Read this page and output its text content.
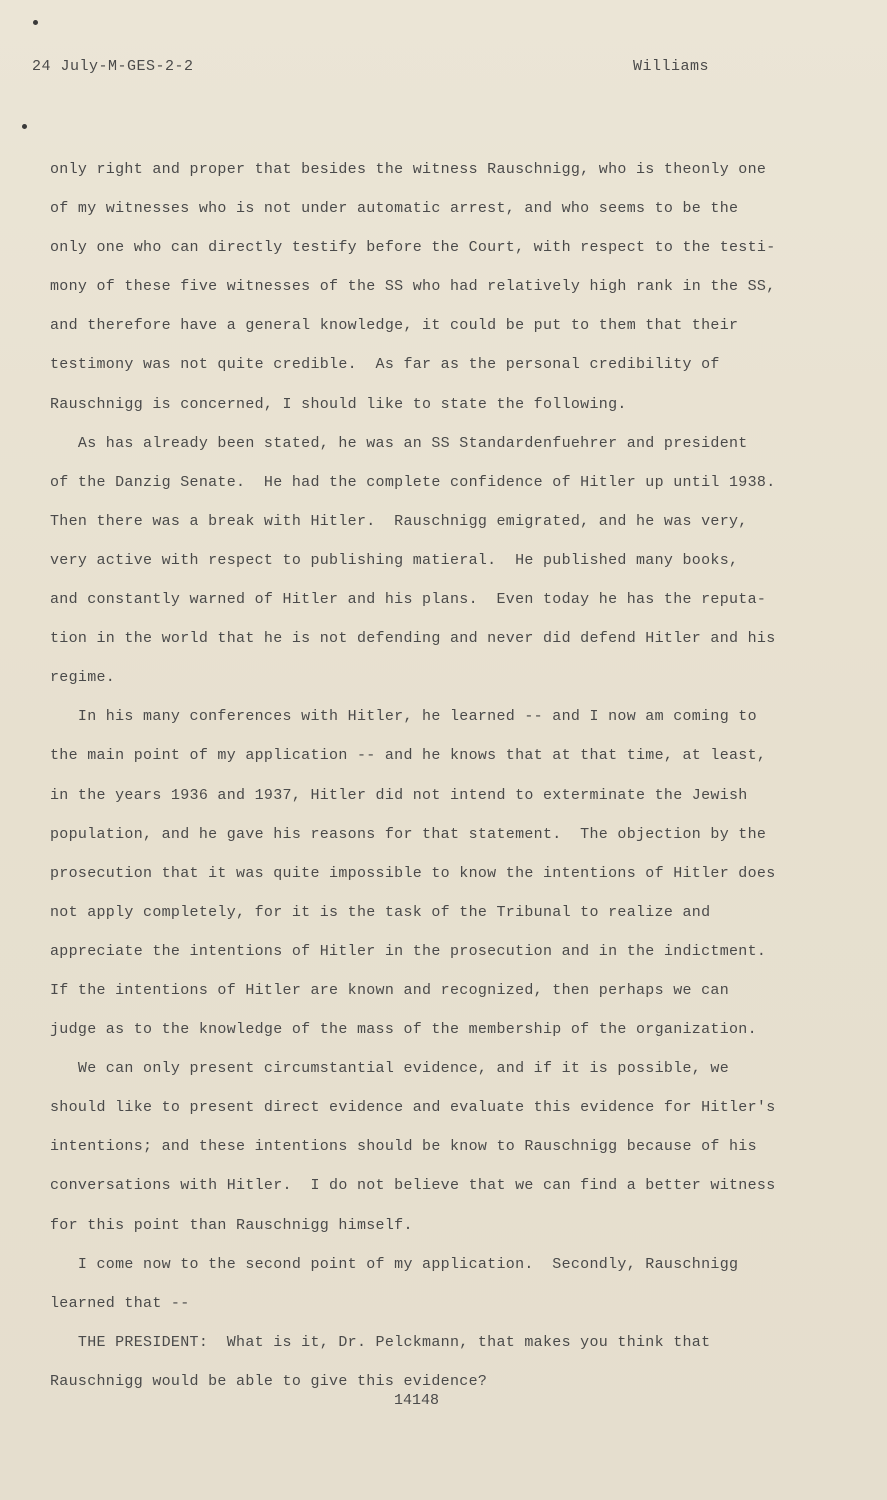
24 July-M-GES-2-2	Williams
only right and proper that besides the witness Rauschnigg, who is theonly one
of my witnesses who is not under automatic arrest, and who seems to be the
only one who can directly testify before the Court, with respect to the testi-
mony of these five witnesses of the SS who had relatively high rank in the SS,
and therefore have a general knowledge, it could be put to them that their
testimony was not quite credible.  As far as the personal credibility of
Rauschnigg is concerned, I should like to state the following.
As has already been stated, he was an SS Standardenfuehrer and president
of the Danzig Senate.  He had the complete confidence of Hitler up until 1938.
Then there was a break with Hitler.  Rauschnigg emigrated, and he was very,
very active with respect to publishing matieral.  He published many books,
and constantly warned of Hitler and his plans.  Even today he has the reputa-
tion in the world that he is not defending and never did defend Hitler and his
regime.
In his many conferences with Hitler, he learned -- and I now am coming to
the main point of my application -- and he knows that at that time, at least,
in the years 1936 and 1937, Hitler did not intend to exterminate the Jewish
population, and he gave his reasons for that statement.  The objection by the
prosecution that it was quite impossible to know the intentions of Hitler does
not apply completely, for it is the task of the Tribunal to realize and
appreciate the intentions of Hitler in the prosecution and in the indictment.
If the intentions of Hitler are known and recognized, then perhaps we can
judge as to the knowledge of the mass of the membership of the organization.
We can only present circumstantial evidence, and if it is possible, we
should like to present direct evidence and evaluate this evidence for Hitler's
intentions; and these intentions should be know to Rauschnigg because of his
conversations with Hitler.  I do not believe that we can find a better witness
for this point than Rauschnigg himself.
I come now to the second point of my application.  Secondly, Rauschnigg
learned that --
THE PRESIDENT:  What is it, Dr. Pelckmann, that makes you think that
Rauschnigg would be able to give this evidence?
14148
